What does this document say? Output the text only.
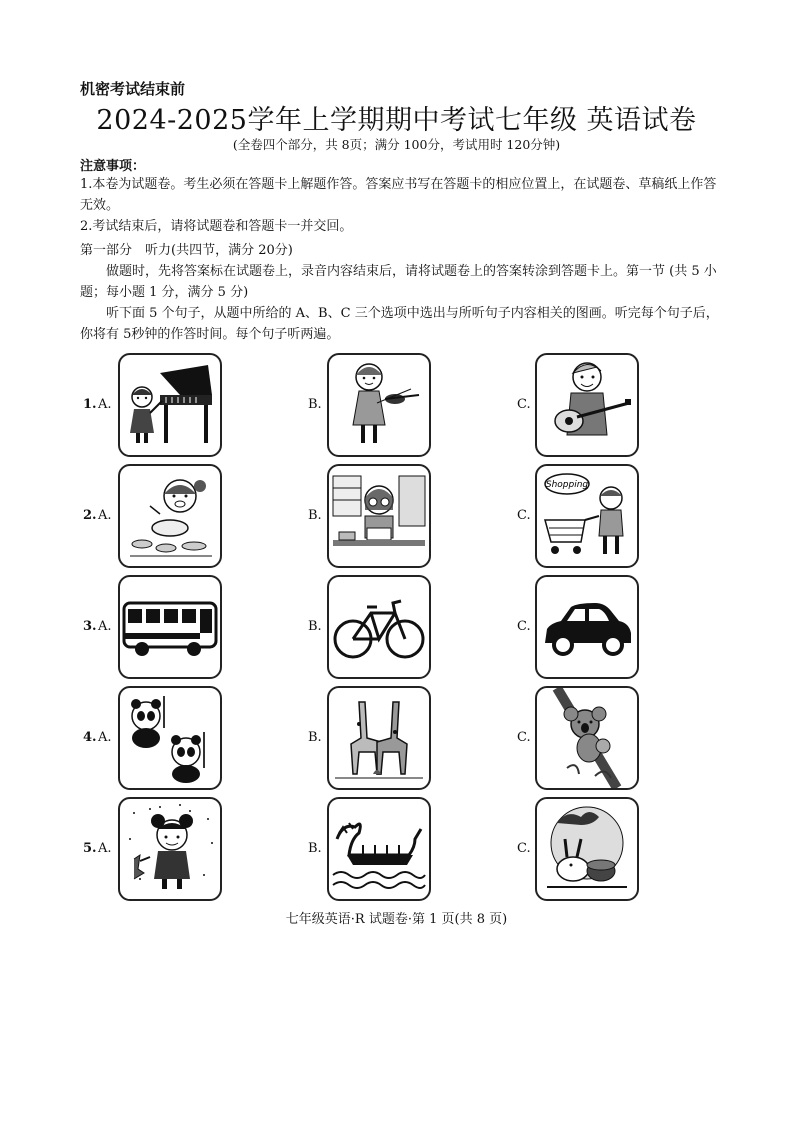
机密考试结束前
2024-2025学年上学期期中考试七年级 英语试卷
(全卷四个部分，共 8页；满分 100分，考试用时 120分钟)
注意事项：
1.本卷为试题卷。考生必须在答题卡上解题作答。答案应书写在答题卡的相应位置上，在试题卷、草稿纸上作答无效。
2.考试结束后，请将试题卷和答题卡一并交回。
第一部分　听力(共四节，满分 20分)
做题时，先将答案标在试题卷上，录音内容结束后，请将试题卷上的答案转涂到答题卡上。第一节 (共 5 小题；每小题 1 分，满分 5 分)
听下面 5 个句子，从题中所给的 A、B、C 三个选项中选出与所听句子内容相关的图画。听完每个句子后，你将有 5秒钟的作答时间。每个句子听两遍。
1. A.	B.	C.
2. A.	B.	C.
Shopping
3. A.	B.	C.
4. A.	B.	C.
5. A.	B.	C.
七年级英语·R 试题卷·第 1 页(共 8 页)
